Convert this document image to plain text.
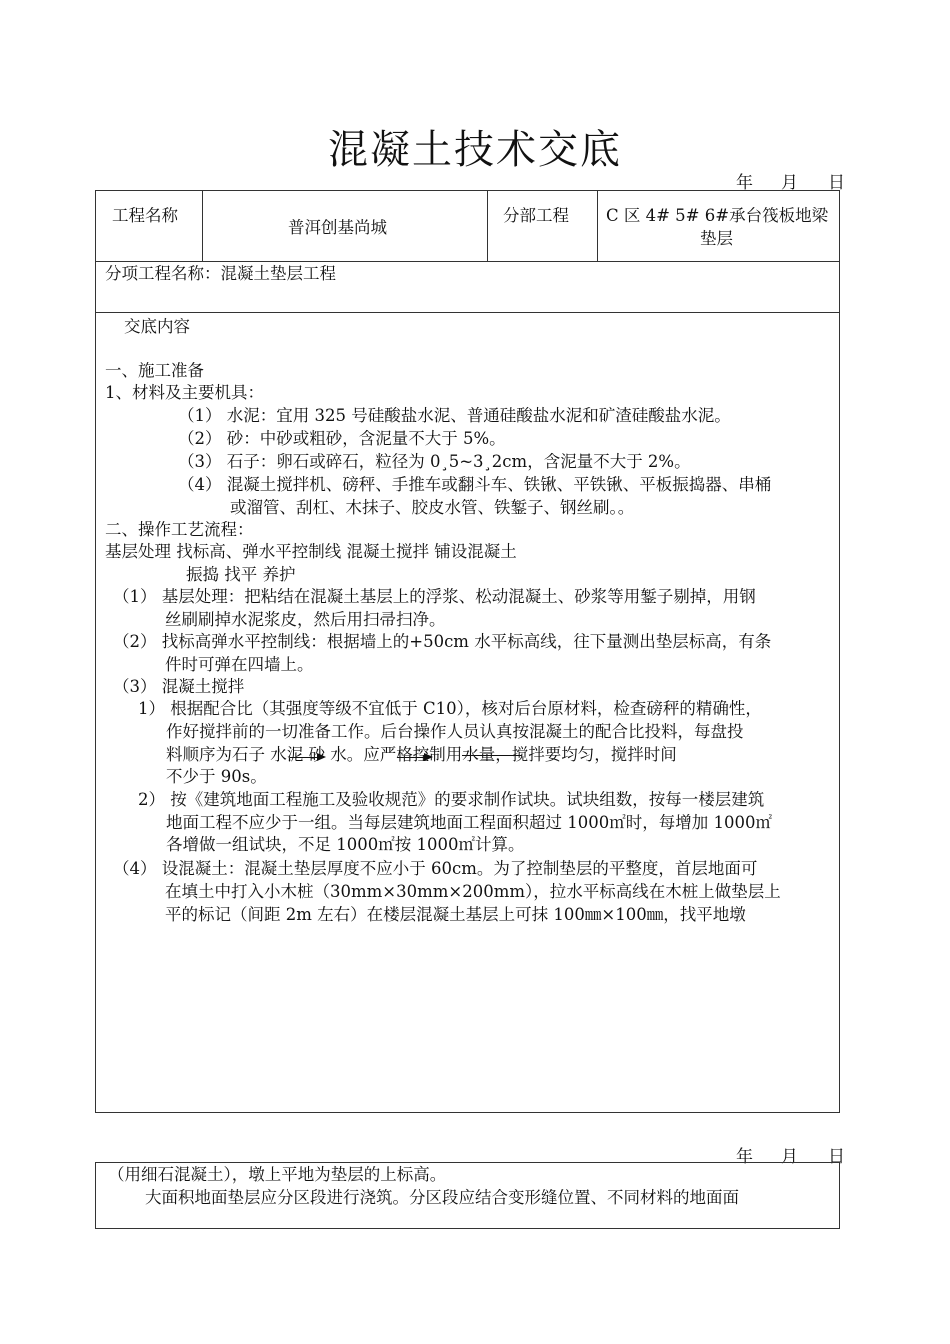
混凝土技术交底
年 月 日
工程名称
普洱创基尚城
分部工程 C 区 4# 5# 6#承台筏板地梁
垫层
分项工程名称：混凝土垫层工程
交底内容
一、施工准备
1、材料及主要机具：
（1） 水泥：宜用 325 号硅酸盐水泥、普通硅酸盐水泥和矿渣硅酸盐水泥。
（2） 砂：中砂或粗砂，含泥量不大于 5%。
（3） 石子：卵石或碎石，粒径为 0¸5~3¸2cm，含泥量不大于 2%。
（4） 混凝土搅拌机、磅秤、手推车或翻斗车、铁锹、平铁锹、平板振捣器、串桶
或溜管、刮杠、木抹子、胶皮水管、铁錾子、钢丝刷。。
二、操作工艺流程：
基层处理 找标高、弹水平控制线 混凝土搅拌 铺设混凝土
振捣 找平 养护
（1） 基层处理：把粘结在混凝土基层上的浮浆、松动混凝土、砂浆等用錾子剔掉，用钢
丝刷刷掉水泥浆皮，然后用扫帚扫净。
（2） 找标高弹水平控制线：根据墙上的+50cm 水平标高线，往下量测出垫层标高，有条
件时可弹在四墙上。
（3） 混凝土搅拌
1） 根据配合比（其强度等级不宜低于 C10），核对后台原材料，检查磅秤的精确性，
作好搅拌前的一切准备工作。后台操作人员认真按混凝土的配合比投料，每盘投
料顺序为石子 水泥 砂 水。应严格控制用水量，搅拌要均匀，搅拌时间
不少于 90s。
2） 按《建筑地面工程施工及验收规范》的要求制作试块。试块组数，按每一楼层建筑
地面工程不应少于一组。当每层建筑地面工程面积超过 1000㎡时，每增加 1000㎡
各增做一组试块，不足 1000㎡按 1000㎡计算。
（4） 设混凝土：混凝土垫层厚度不应小于 60cm。为了控制垫层的平整度，首层地面可
在填土中打入小木桩（30mm×30mm×200mm），拉水平标高线在木桩上做垫层上
平的标记（间距 2m 左右）在楼层混凝土基层上可抹 100㎜×100㎜，找平地墩
年 月 日
（用细石混凝土），墩上平地为垫层的上标高。
大面积地面垫层应分区段进行浇筑。分区段应结合变形缝位置、不同材料的地面面
